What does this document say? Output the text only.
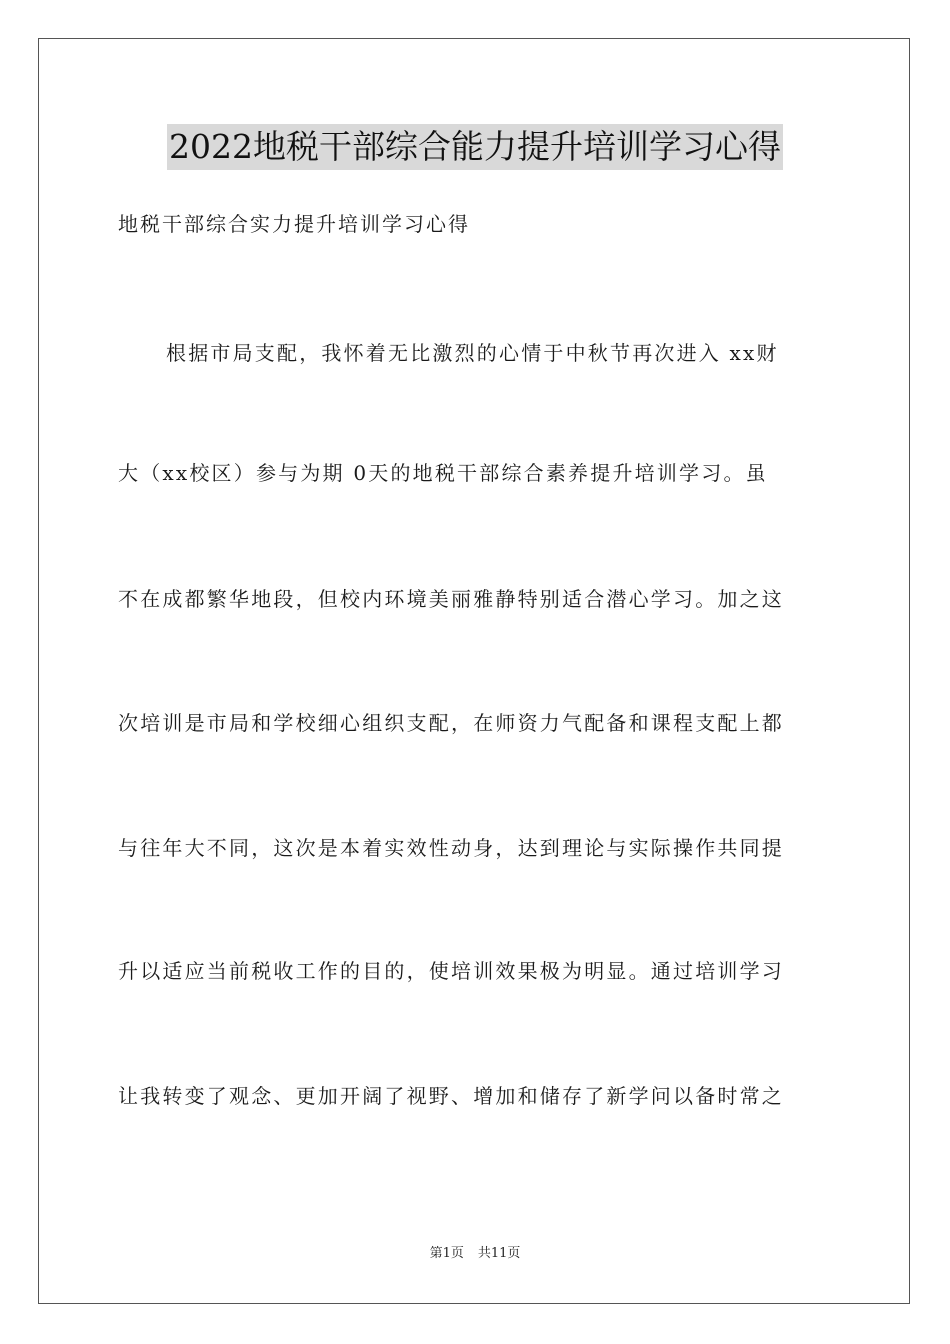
2022地税干部综合能力提升培训学习心得

地税干部综合实力提升培训学习心得

根据市局支配，我怀着无比激烈的心情于中秋节再次进入 xx财

大（xx校区）参与为期 0天的地税干部综合素养提升培训学习。虽

不在成都繁华地段，但校内环境美丽雅静特别适合潜心学习。加之这

次培训是市局和学校细心组织支配，在师资力气配备和课程支配上都

与往年大不同，这次是本着实效性动身，达到理论与实际操作共同提

升以适应当前税收工作的目的，使培训效果极为明显。通过培训学习

让我转变了观念、更加开阔了视野、增加和储存了新学问以备时常之

第1页 共11页
